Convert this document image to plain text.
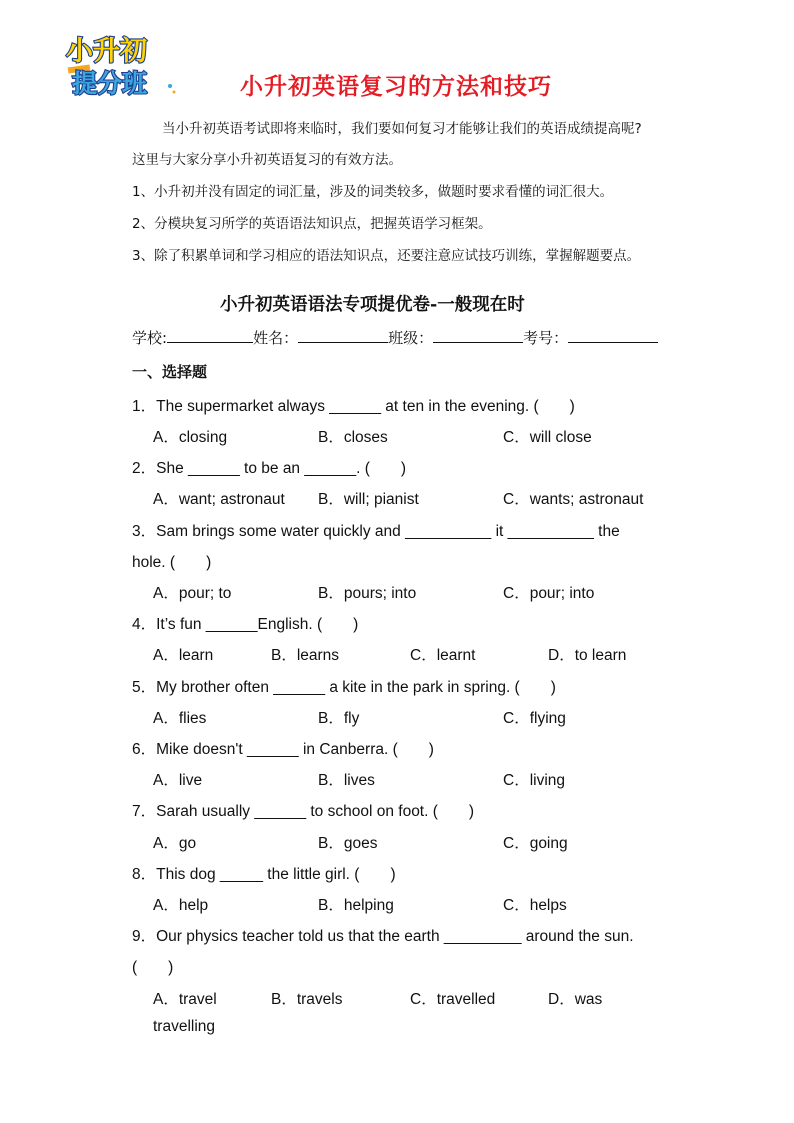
小升初
提分班	小升初英语复习的方法和技巧
当小升初英语考试即将来临时，我们要如何复习才能够让我们的英语成绩提高呢?
这里与大家分享小升初英语复习的有效方法。
1、小升初并没有固定的词汇量，涉及的词类较多，做题时要求看懂的词汇很大。
2、分模块复习所学的英语语法知识点，把握英语学习框架。
3、除了积累单词和学习相应的语法知识点，还要注意应试技巧训练，掌握解题要点。
小升初英语语法专项提优卷-一般现在时
学校:	姓名：	班级：	考号：
一、选择题
1．The supermarket always ______ at ten in the evening. (　　)
A．closing	B．closes	C．will close
2．She ______ to be an ______. (　　)
A．want; astronaut B．will; pianist	C．wants; astronaut
3．Sam brings some water quickly and __________ it __________ the
hole. (　　)
A．pour; to	B．pours; into	C．pour; into
4．It’s fun ______English. (　　)
A．learn	B．learns	C．learnt	D．to learn
5．My brother often ______ a kite in the park in spring. (　　)
A．flies	B．fly	C．flying
6．Mike doesn't ______ in Canberra. (　　)
A．live	B．lives	C．living
7．Sarah usually ______ to school on foot. (　　)
A．go	B．goes	C．going
8．This dog _____ the little girl. (　　)
A．help	B．helping	C．helps
9．Our physics teacher told us that the earth _________ around the sun.
(　　)
A．travel	B．travels	C．travelled	D．was
travelling
